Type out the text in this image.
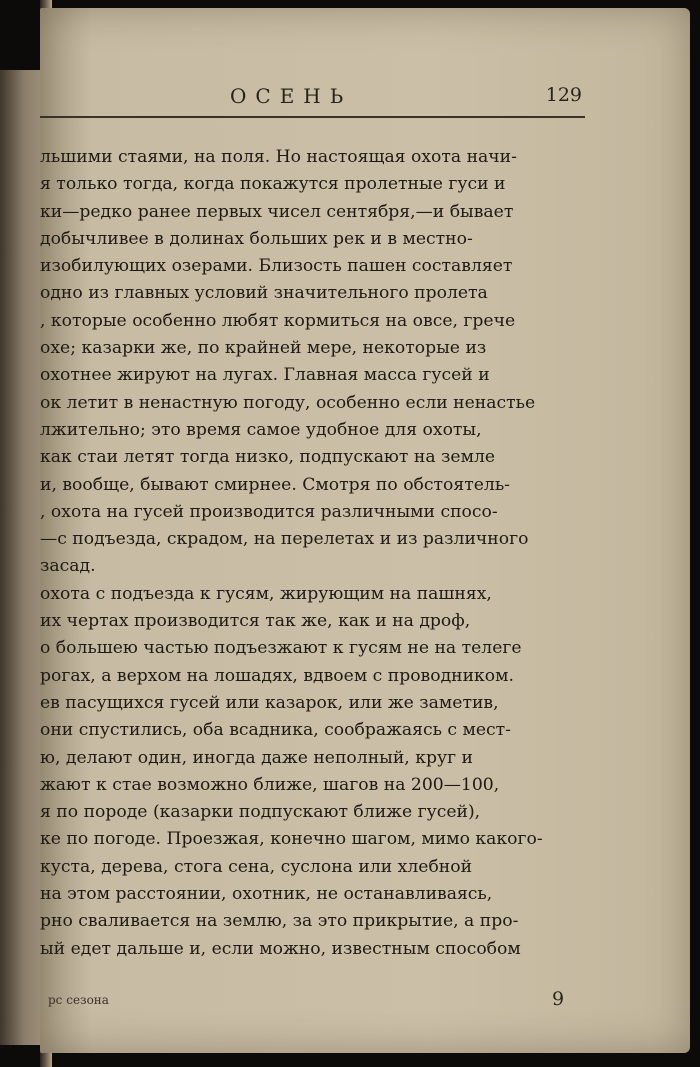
ОСЕНЬ	129
льшими стаями, на поля. Но настоящая охота начи-
я только тогда, когда покажутся пролетные гуси и
ки—редко ранее первых чисел сентября,—и бывает
добычливее в долинах больших рек и в местно-
изобилующих озерами. Близость пашен составляет
одно из главных условий значительного пролета
, которые особенно любят кормиться на овсе, грече
охе; казарки же, по крайней мере, некоторые из
охотнее жируют на лугах. Главная масса гусей и
ок летит в ненастную погоду, особенно если ненастье
лжительно; это время самое удобное для охоты,
как стаи летят тогда низко, подпускают на земле
и, вообще, бывают смирнее. Смотря по обстоятель-
, охота на гусей производится различными спосо-
—с подъезда, скрадом, на перелетах и из различного
засад.
охота с подъезда к гусям, жирующим на пашнях,
их чертах производится так же, как и на дроф,
о большею частью подъезжают к гусям не на телеге
рогах, а верхом на лошадях, вдвоем с проводником.
ев пасущихся гусей или казарок, или же заметив,
они спустились, оба всадника, соображаясь с мест-
ю, делают один, иногда даже неполный, круг и
жают к стае возможно ближе, шагов на 200—100,
я по породе (казарки подпускают ближе гусей),
ке по погоде. Проезжая, конечно шагом, мимо какого-
куста, дерева, стога сена, суслона или хлебной
на этом расстоянии, охотник, не останавливаясь,
рно сваливается на землю, за это прикрытие, а про-
ый едет дальше и, если можно, известным способом
рс сезона	9
